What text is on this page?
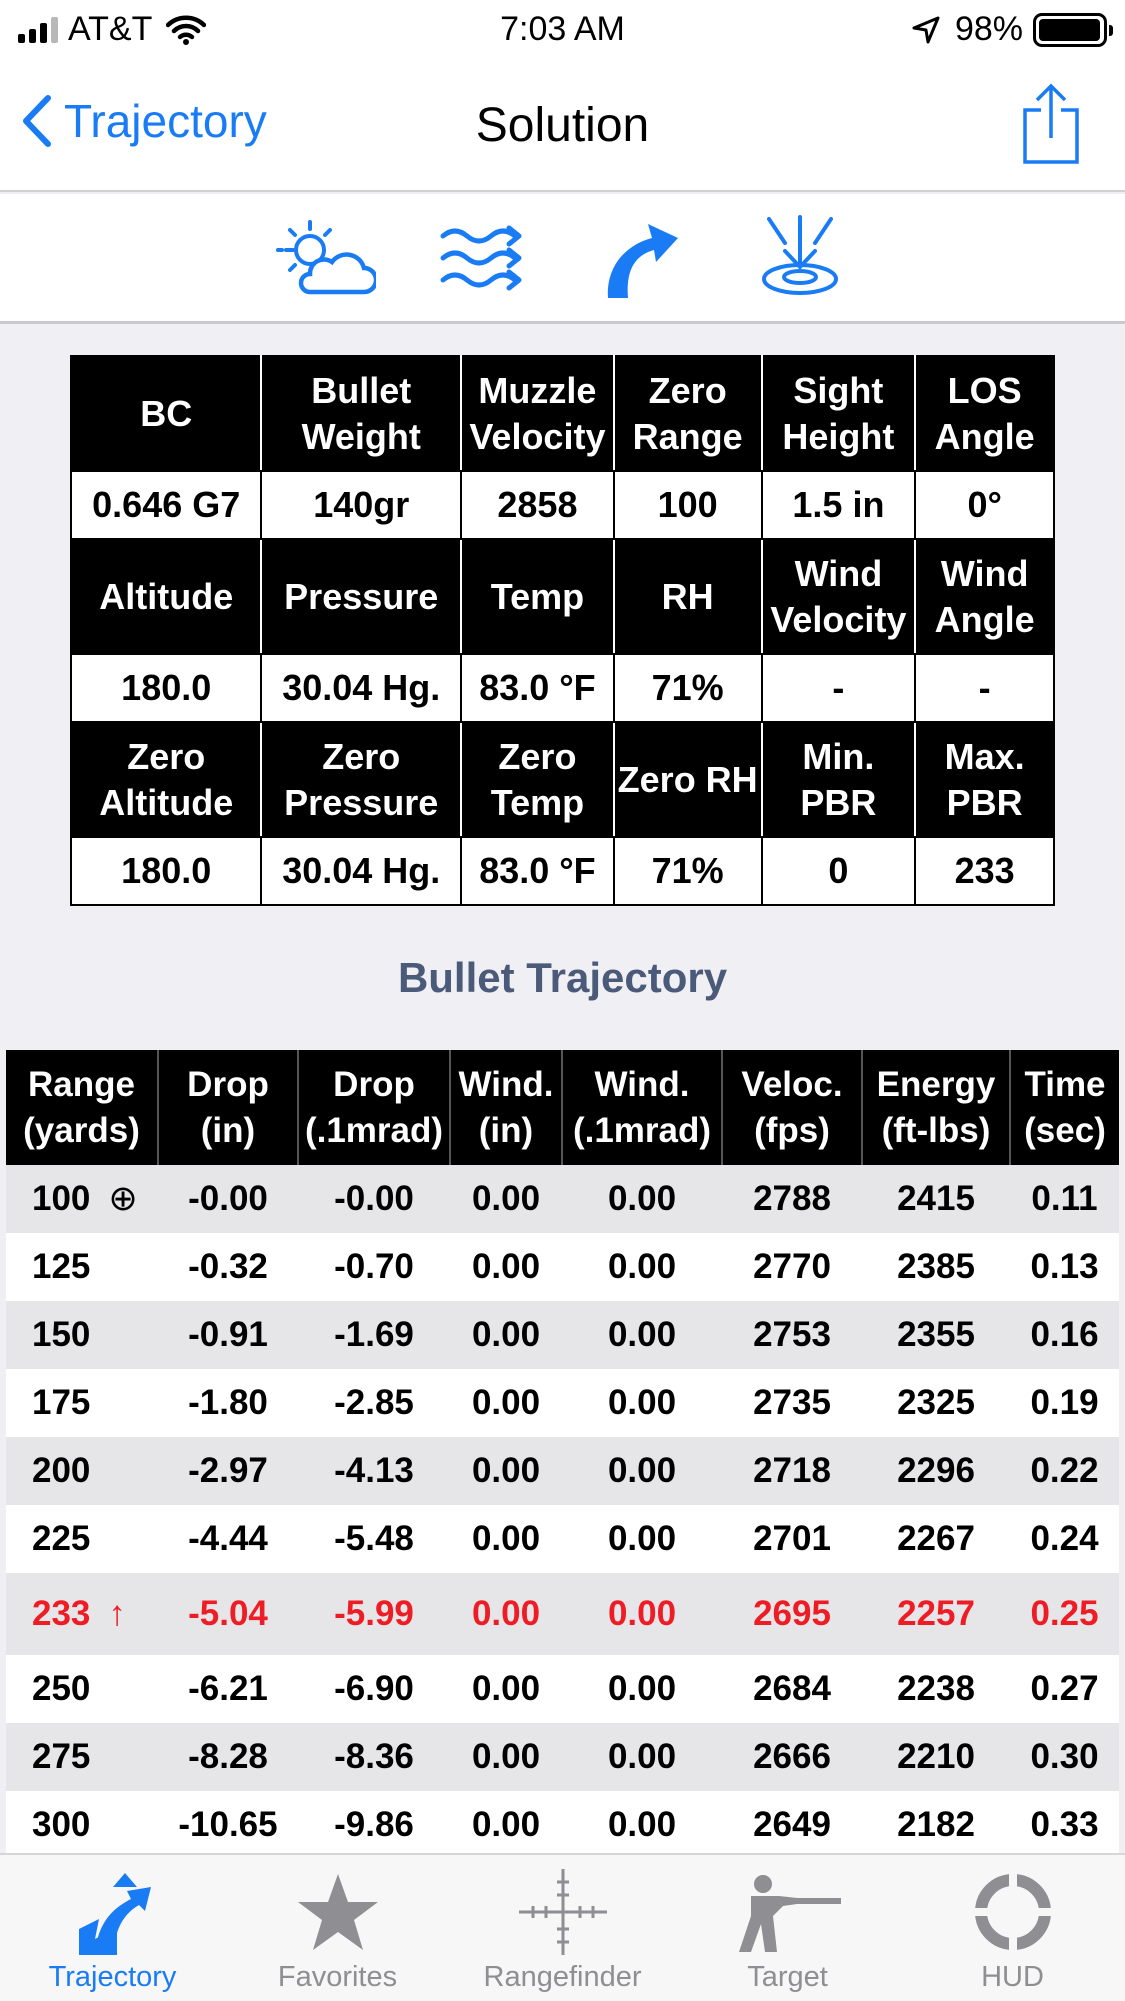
AT&T	7:03 AM	98%
Trajectory	Solution
BC	Bullet Weight	Muzzle Velocity	Zero Range	Sight Height	LOS Angle
0.646 G7	140gr	2858	100	1.5 in	0°
Altitude	Pressure	Temp	RH	Wind Velocity	Wind Angle
180.0	30.04 Hg.	83.0 °F	71%	-	-
Zero Altitude	Zero Pressure	Zero Temp	Zero RH	Min. PBR	Max. PBR
180.0	30.04 Hg.	83.0 °F	71%	0	233
Bullet Trajectory
Range (yards)	Drop (in)	Drop (.1mrad)	Wind. (in)	Wind. (.1mrad)	Veloc. (fps)	Energy (ft-lbs)	Time (sec)
100 ⊕	-0.00	-0.00	0.00	0.00	2788	2415	0.11
125	-0.32	-0.70	0.00	0.00	2770	2385	0.13
150	-0.91	-1.69	0.00	0.00	2753	2355	0.16
175	-1.80	-2.85	0.00	0.00	2735	2325	0.19
200	-2.97	-4.13	0.00	0.00	2718	2296	0.22
225	-4.44	-5.48	0.00	0.00	2701	2267	0.24
233 ↑	-5.04	-5.99	0.00	0.00	2695	2257	0.25
250	-6.21	-6.90	0.00	0.00	2684	2238	0.27
275	-8.28	-8.36	0.00	0.00	2666	2210	0.30
300	-10.65	-9.86	0.00	0.00	2649	2182	0.33
Trajectory	Favorites	Rangefinder	Target	HUD
